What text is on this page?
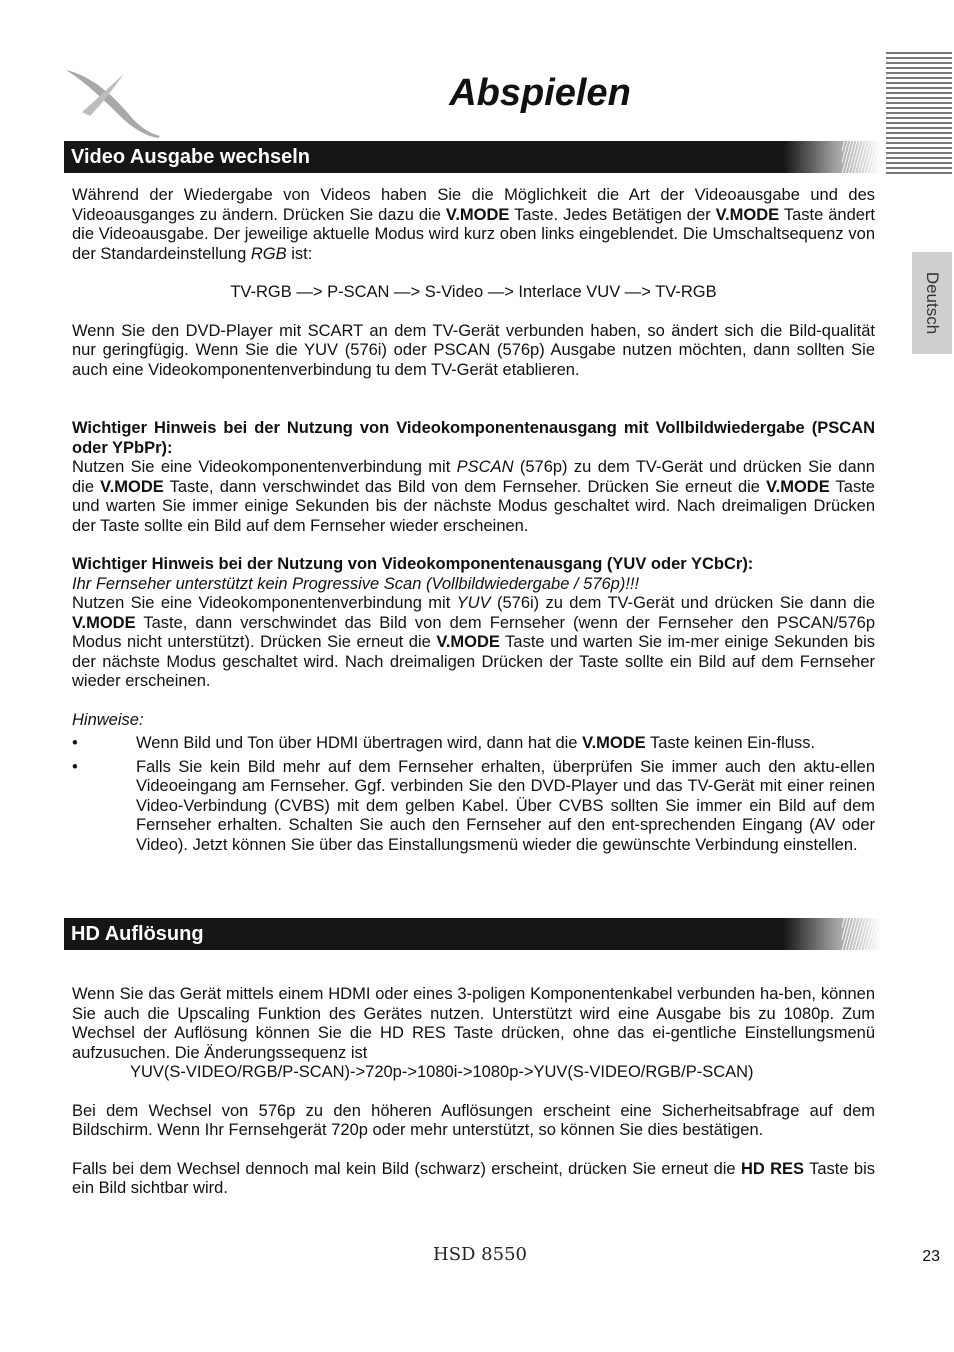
Abspielen
Deutsch
Video Ausgabe wechseln

Während der Wiedergabe von Videos haben Sie die Möglichkeit die Art der Videoausgabe und des Videoausganges zu ändern. Drücken Sie dazu die V.MODE Taste. Jedes Betätigen der V.MODE Taste ändert die Videoausgabe. Der jeweilige aktuelle Modus wird kurz oben links eingeblendet. Die Umschaltsequenz von der Standardeinstellung RGB ist:

TV-RGB —> P-SCAN —> S-Video —> Interlace VUV —> TV-RGB

Wenn Sie den DVD-Player mit SCART an dem TV-Gerät verbunden haben, so ändert sich die Bild-qualität nur geringfügig. Wenn Sie die YUV (576i) oder PSCAN (576p) Ausgabe nutzen möchten, dann sollten Sie auch eine Videokomponentenverbindung tu dem TV-Gerät etablieren.

Wichtiger Hinweis bei der Nutzung von Videokomponentenausgang mit Vollbildwiedergabe (PSCAN oder YPbPr):

Nutzen Sie eine Videokomponentenverbindung mit PSCAN (576p) zu dem TV-Gerät und drücken Sie dann die V.MODE Taste, dann verschwindet das Bild von dem Fernseher. Drücken Sie erneut die V.MODE Taste und warten Sie immer einige Sekunden bis der nächste Modus geschaltet wird. Nach dreimaligen Drücken der Taste sollte ein Bild auf dem Fernseher wieder erscheinen.

Wichtiger Hinweis bei der Nutzung von Videokomponentenausgang (YUV oder YCbCr):

Ihr Fernseher unterstützt kein Progressive Scan (Vollbildwiedergabe / 576p)!!!

Nutzen Sie eine Videokomponentenverbindung mit YUV (576i) zu dem TV-Gerät und drücken Sie dann die V.MODE Taste, dann verschwindet das Bild von dem Fernseher (wenn der Fernseher den PSCAN/576p Modus nicht unterstützt). Drücken Sie erneut die V.MODE Taste und warten Sie im-mer einige Sekunden bis der nächste Modus geschaltet wird. Nach dreimaligen Drücken der Taste sollte ein Bild auf dem Fernseher wieder erscheinen.

Hinweise:

•	Wenn Bild und Ton über HDMI übertragen wird, dann hat die V.MODE Taste keinen Ein-fluss.
•	Falls Sie kein Bild mehr auf dem Fernseher erhalten, überprüfen Sie immer auch den aktu-ellen Videoeingang am Fernseher. Ggf. verbinden Sie den DVD-Player und das TV-Gerät mit einer reinen Video-Verbindung (CVBS) mit dem gelben Kabel. Über CVBS sollten Sie immer ein Bild auf dem Fernseher erhalten. Schalten Sie auch den Fernseher auf den ent-sprechenden Eingang (AV oder Video). Jetzt können Sie über das Einstallungsmenü wieder die gewünschte Verbindung einstellen.
HD Auflösung

Wenn Sie das Gerät mittels einem HDMI oder eines 3-poligen Komponentenkabel verbunden ha-ben, können Sie auch die Upscaling Funktion des Gerätes nutzen. Unterstützt wird eine Ausgabe bis zu 1080p. Zum Wechsel der Auflösung können Sie die HD RES Taste drücken, ohne das ei-gentliche Einstellungsmenü aufzusuchen. Die Änderungssequenz ist

YUV(S-VIDEO/RGB/P-SCAN)->720p->1080i->1080p->YUV(S-VIDEO/RGB/P-SCAN)

Bei dem Wechsel von 576p zu den höheren Auflösungen erscheint eine Sicherheitsabfrage auf dem Bildschirm. Wenn Ihr Fernsehgerät 720p oder mehr unterstützt, so können Sie dies bestätigen.

Falls bei dem Wechsel dennoch mal kein Bild (schwarz) erscheint, drücken Sie erneut die HD RES Taste bis ein Bild sichtbar wird.

HSD 8550	23
